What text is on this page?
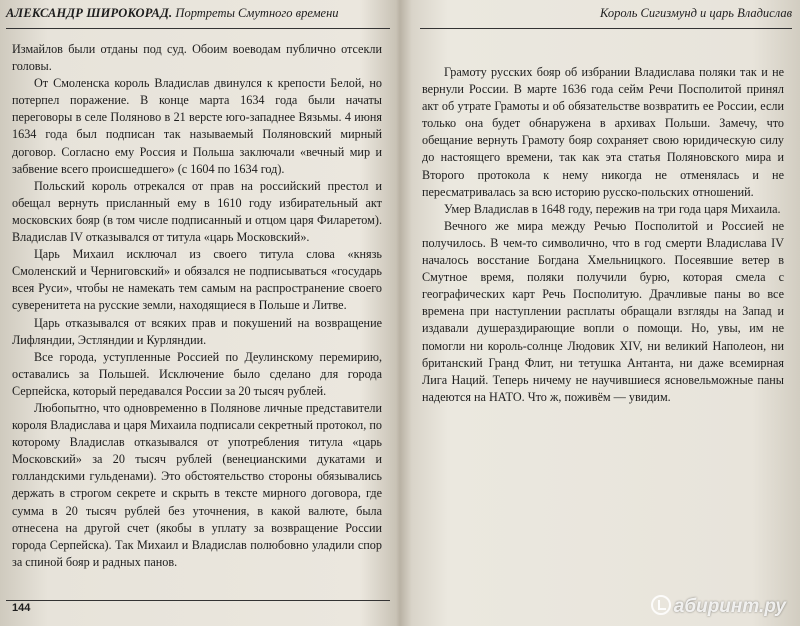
АЛЕКСАНДР ШИРОКОРАД. Портреты Смутного времени

Измайлов были отданы под суд. Обоим воеводам публично отсекли головы.

От Смоленска король Владислав двинулся к крепости Белой, но потерпел поражение. В конце марта 1634 года были начаты переговоры в селе Поляново в 21 версте юго-западнее Вязьмы. 4 июня 1634 года был подписан так называемый Поляновский мирный договор. Согласно ему Россия и Польша заключали «вечный мир и забвение всего происшедшего» (с 1604 по 1634 год).

Польский король отрекался от прав на российский престол и обещал вернуть присланный ему в 1610 году избирательный акт московских бояр (в том числе подписанный и отцом царя Филаретом). Владислав IV отказывался от титула «царь Московский».

Царь Михаил исключал из своего титула слова «князь Смоленский и Черниговский» и обязался не подписываться «государь всея Руси», чтобы не намекать тем самым на распространение своего суверенитета на русские земли, находящиеся в Польше и Литве.

Царь отказывался от всяких прав и покушений на возвращение Лифляндии, Эстляндии и Курляндии.

Все города, уступленные Россией по Деулинскому перемирию, оставались за Польшей. Исключение было сделано для города Серпейска, который передавался России за 20 тысяч рублей.

Любопытно, что одновременно в Полянове личные представители короля Владислава и царя Михаила подписали секретный протокол, по которому Владислав отказывался от употребления титула «царь Московский» за 20 тысяч рублей (венецианскими дукатами и голландскими гульденами). Это обстоятельство стороны обязывались держать в строгом секрете и скрыть в тексте мирного договора, где сумма в 20 тысяч рублей без уточнения, в какой валюте, была отнесена на другой счет (якобы в уплату за возвращение России города Серпейска). Так Михаил и Владислав полюбовно уладили спор за спиной бояр и радных панов.

144
Король Сигизмунд и царь Владислав

Грамоту русских бояр об избрании Владислава поляки так и не вернули России. В марте 1636 года сейм Речи Посполитой принял акт об утрате Грамоты и об обязательстве возвратить ее России, если только она будет обнаружена в архивах Польши. Замечу, что обещание вернуть Грамоту бояр сохраняет свою юридическую силу до настоящего времени, так как эта статья Поляновского мира и Второго протокола к нему никогда не отменялась и не пересматривалась за всю историю русско-польских отношений.

Умер Владислав в 1648 году, пережив на три года царя Михаила.

Вечного же мира между Речью Посполитой и Россией не получилось. В чем-то символично, что в год смерти Владислава IV началось восстание Богдана Хмельницкого. Посеявшие ветер в Смутное время, поляки получили бурю, которая смела с географических карт Речь Посполитую. Драчливые паны во все времена при наступлении расплаты обращали взгляды на Запад и издавали душераздирающие вопли о помощи. Но, увы, им не помогли ни король-солнце Людовик XIV, ни великий Наполеон, ни британский Гранд Флит, ни тетушка Антанта, ни даже всемирная Лига Наций. Теперь ничему не научившиеся ясновельможные паны надеются на НАТО. Что ж, поживём — увидим.

абиринт.ру
